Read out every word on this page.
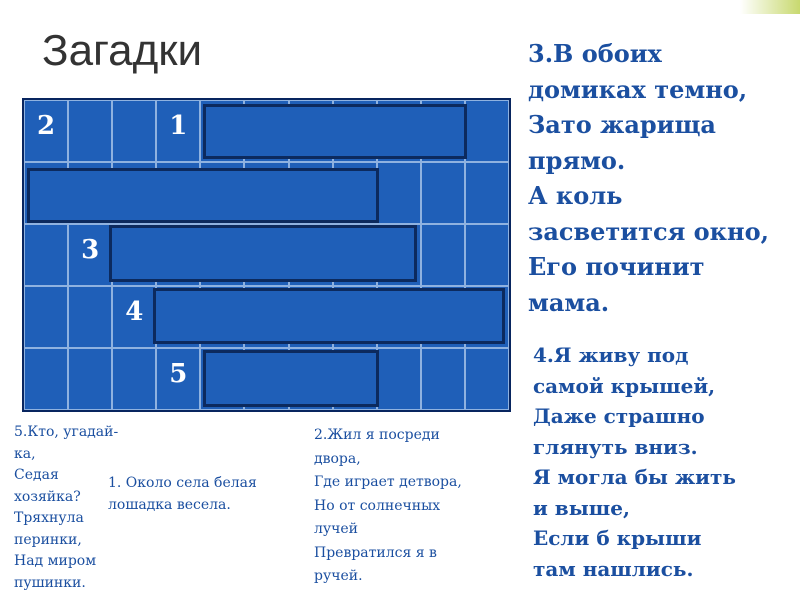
Загадки
2	1
3
4
5
3.В обоих
домиках темно,
Зато жарища
прямо.
А коль
засветится окно,
Его починит
мама.
4.Я живу под
самой крышей,
Даже страшно
глянуть вниз.
Я могла бы жить
и выше,
Если б крыши
там нашлись.
5.Кто, угадай-
ка,
Седая
хозяйка?
Тряхнула
перинки,
Над миром
пушинки.
1. Около села белая
лошадка весела.
2.Жил я посреди
двора,
Где играет детвора,
Но от солнечных
лучей
Превратился я в
ручей.
